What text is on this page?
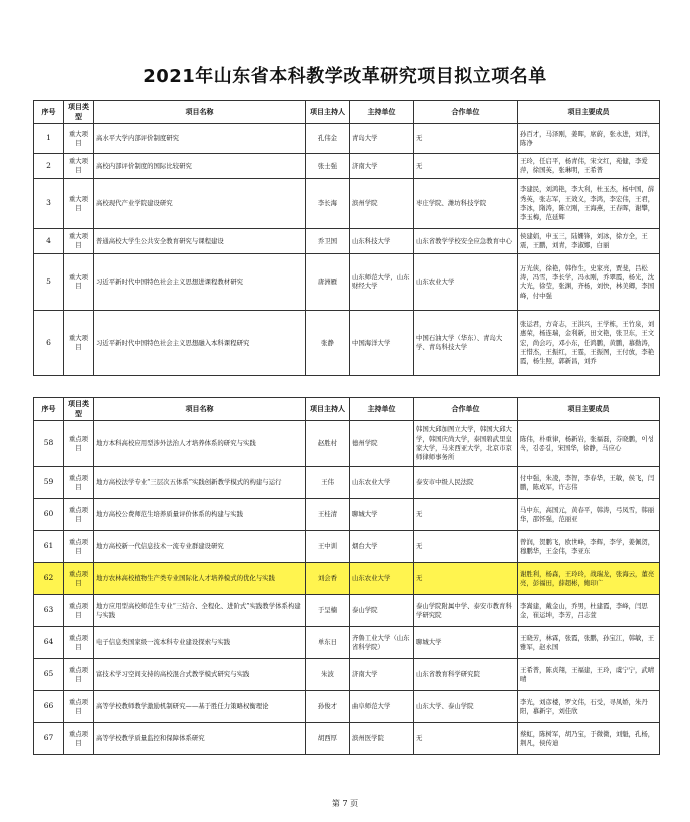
2021年山东省本科教学改革研究项目拟立项名单
序号	项目类型	项目名称	项目主持人	主持单位	合作单位	项目主要成员
1	重大项目	高水平大学内部评价制度研究	孔伟金	青岛大学	无	孙百才，马泽刚，姜晖，席蔚，张永进，刘洋，陈净
2	重大项目	高校内部评价制度的国际比较研究	张士强	济南大学	无	王玲，任启平，杨青伟，宋文红，苑健，李爱萍，徐国英，张琳明，王希普
3	重大项目	高校现代产业学院建设研究	李长海	滨州学院	枣庄学院、潍坊科技学院	李建民，刘鸿艳，李大利，杜玉杰，杨中国，薛秀英，张志军，王效义，李鸿，李宏伟，王君，李冰，隋涛，陈立刚，王海燕，王春晖，谢攀，李玉梅，范延辉
4	重大项目	普通高校大学生公共安全教育研究与课程建设	乔卫国	山东科技大学	山东省教学学校安全应急教育中心	侯建娟，申玉三，陆姗锋，刘冰，徐方全，王震，王鹏，刘青，李淑娜，白丽
5	重大项目	习近平新时代中国特色社会主义思想进课程教材研究	唐洲雁	山东师范大学，山东财经大学	山东农业大学	万光侠，徐艳，韩作生，史家亮，贾斐，吕松涛，冯雪，李长学，冯永刚，乔翠霞，杨光，沈大光，徐莹，张渊，齐杨，刘快，林美卿，李国峰，付中强
6	重大项目	习近平新时代中国特色社会主义思想融入本科课程研究	张静	中国海洋大学	中国石油大学（华东）、青岛大学、青岛科技大学	张运君，方奇志，王洪兴，王学栋，王竹泉，刘惠荣，杨连瑞，金利新，田文艳，张卫东，王文宏，尚会巧，邓小东，任鸿鹏，黄鹏，慕勤涛，王惜杰，王振红，王霆，王振图，王付放，李艳霞，杨生照，郭新昌，刘乔
序号	项目类型	项目名称	项目主持人	主持单位	合作单位	项目主要成员
58	重点项目	地方本科高校应用型涉外法治人才培养体系的研究与实践	赵胜村	德州学院	韩国大邱加图立大学，韩国大邱大学，韩国庆尚大学，泰国碧武里皇家大学，马来西亚大学，北京市京师律师事务所	陈伟，朴重律，杨新岩，张福磊，芬晓鹏，이성욱，김종길，宋国华，徐静，马应心
59	重点项目	地方高校法学专业“三层次五体系”实践创新教学模式的构建与运行	王伟	山东农业大学	泰安市中级人民法院	付中强，朱凌，李智，李春华，王敏，侯飞，闫鹏，陈成军，许志伟
60	重点项目	地方高校公费师范生培养质量评价体系的构建与实践	王桂清	聊城大学	无	马中东，高国元，黄春平，韩涛，弓凤雪，韩丽华，邵怀强，范丽亚
61	重点项目	地方高校新一代信息技术一流专业群建设研究	王中训	烟台大学	无	曾润，贺鹏飞，欧世峰，李辉，李学，姜佩贺，穆鹏华，王金伟，李亚东
62	重点项目	地方农林高校植物生产类专业国际化人才培养模式的优化与实践	刘会香	山东农业大学	无	谢胜利，杨森，王玲玲，战瑞龙，张海云，董亮亮，彭福田，薛超彬，鲍印广
63	重点项目	地方应用型高校师范生专业“三结合、全程化、进阶式”实践教学体系构建与实践	于呈楠	泰山学院	泰山学院附属中学、泰安市教育科学研究院	李嵩建，戴金山，乔男，杜建霞，李峰，闫思金，崔运坤，李芳，吕志萱
64	重点项目	电子信息类国家级一流本科专业建设探索与实践	单东日	齐鲁工业大学（山东省科学院）	聊城大学	王晓芳，林霖，张霞，张鹏，孙宝江，韩敏，王雅军，赵永国
65	重点项目	富技术学习空间支持的高校混合式教学模式研究与实践	朱波	济南大学	山东省教育科学研究院	王希普，陈贞翔，王福建，王玲，虞宁宁，武晴晴
66	重点项目	高等学校教师教学激励机制研究——基于胜任力策略权衡理论	孙俊才	曲阜师范大学	山东大学、泰山学院	李光，刘彦楼，罗文伟，石受，寻凤娇，朱丹阳，慕新宇，刘佳欣
67	重点项目	高等学校教学质量监控和保障体系研究	胡西厚	滨州医学院	无	蔡虹，陈树军，胡乃宝，于微微，刘魁，孔杨，荆凡，侯传迪
第 7 页
